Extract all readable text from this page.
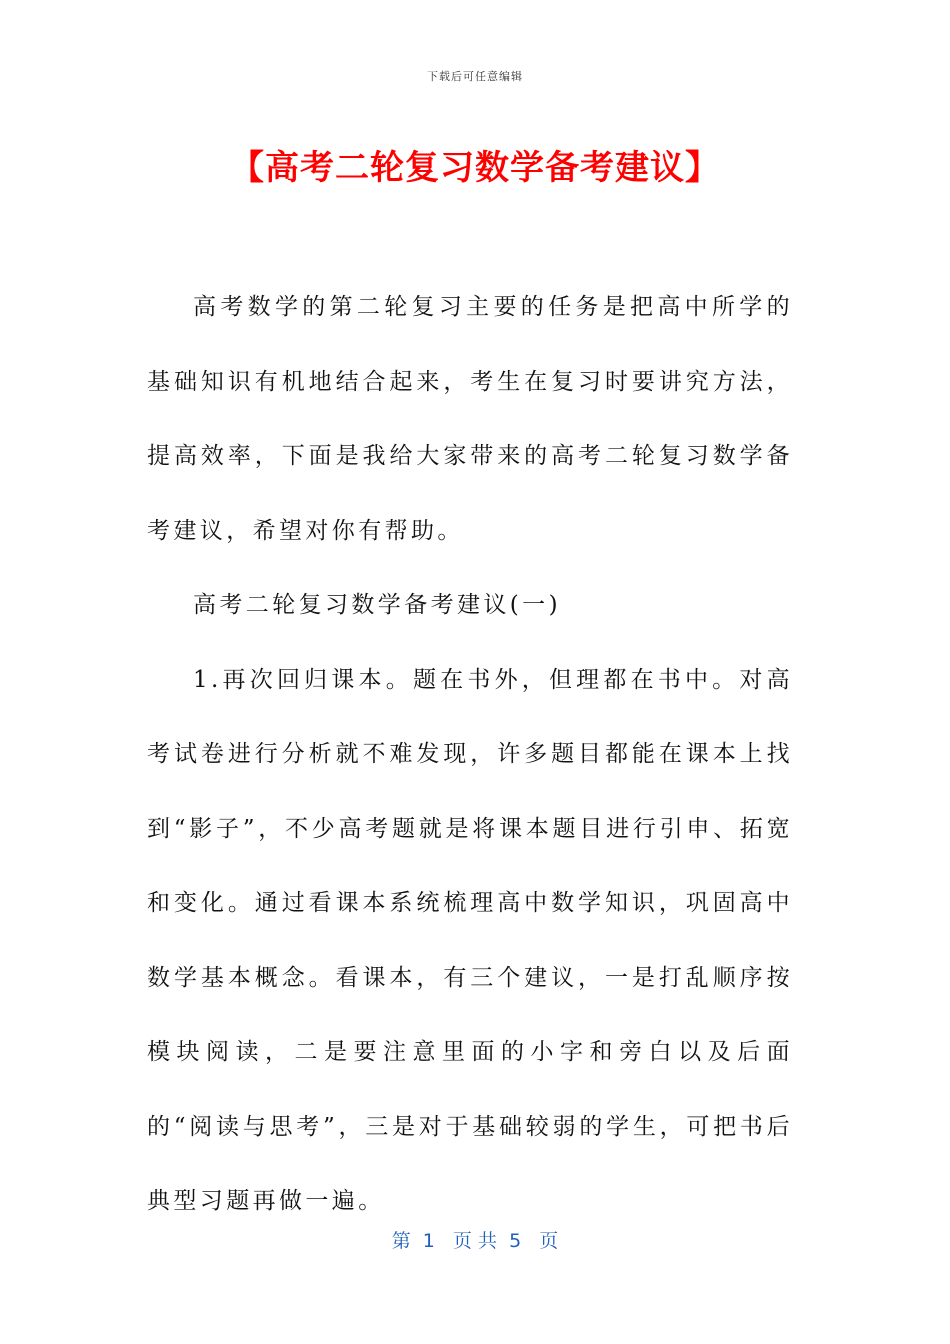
下载后可任意编辑
【高考二轮复习数学备考建议】

高考数学的第二轮复习主要的任务是把高中所学的基础知识有机地结合起来，考生在复习时要讲究方法，提高效率，下面是我给大家带来的高考二轮复习数学备考建议，希望对你有帮助。

高考二轮复习数学备考建议(一)

1.再次回归课本。题在书外，但理都在书中。对高考试卷进行分析就不难发现，许多题目都能在课本上找到“影子”，不少高考题就是将课本题目进行引申、拓宽和变化。通过看课本系统梳理高中数学知识，巩固高中数学基本概念。看课本，有三个建议，一是打乱顺序按模块阅读，二是要注意里面的小字和旁白以及后面的“阅读与思考”，三是对于基础较弱的学生，可把书后典型习题再做一遍。

第  1   页 共  5   页
